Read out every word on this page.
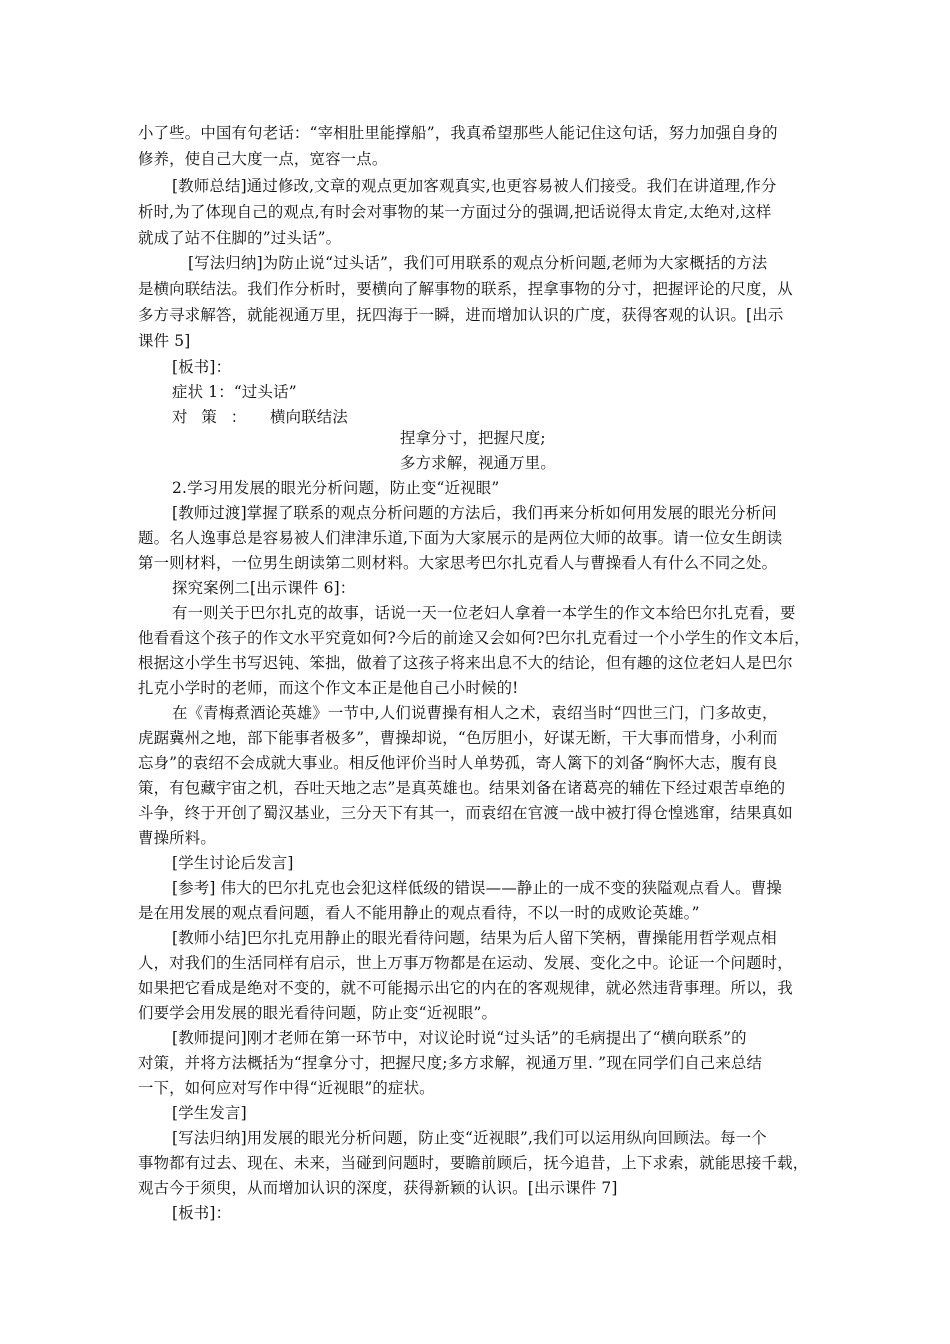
小了些。中国有句老话：“宰相肚里能撑船”，我真希望那些人能记住这句话，努力加强自身的
修养，使自己大度一点，宽容一点。
[教师总结]通过修改,文章的观点更加客观真实,也更容易被人们接受。我们在讲道理,作分
析时,为了体现自己的观点,有时会对事物的某一方面过分的强调,把话说得太肯定,太绝对,这样
就成了站不住脚的”过头话”。
[写法归纳]为防止说“过头话”，我们可用联系的观点分析问题,老师为大家概括的方法
是横向联结法。我们作分析时，要横向了解事物的联系，捏拿事物的分寸，把握评论的尺度，从
多方寻求解答，就能视通万里，抚四海于一瞬，进而增加认识的广度，获得客观的认识。[出示
课件 5]
[板书]：
症状 1：“过头话”
对策： 横向联结法
捏拿分寸，把握尺度;
多方求解，视通万里。
2.学习用发展的眼光分析问题，防止变“近视眼”
[教师过渡]掌握了联系的观点分析问题的方法后，我们再来分析如何用发展的眼光分析问
题。名人逸事总是容易被人们津津乐道,下面为大家展示的是两位大师的故事。请一位女生朗读
第一则材料，一位男生朗读第二则材料。大家思考巴尔扎克看人与曹操看人有什么不同之处。
探究案例二[出示课件 6]：
有一则关于巴尔扎克的故事，话说一天一位老妇人拿着一本学生的作文本给巴尔扎克看，要
他看看这个孩子的作文水平究竟如何?今后的前途又会如何?巴尔扎克看过一个小学生的作文本后，
根据这小学生书写迟钝、笨拙，做着了这孩子将来出息不大的结论，但有趣的这位老妇人是巴尔
扎克小学时的老师，而这个作文本正是他自己小时候的!
在《青梅煮酒论英雄》一节中,人们说曹操有相人之术，袁绍当时“四世三门，门多故吏，
虎踞冀州之地，部下能事者极多”，曹操却说，“色厉胆小，好谋无断，干大事而惜身，小利而
忘身”的袁绍不会成就大事业。相反他评价当时人单势孤，寄人篱下的刘备“胸怀大志，腹有良
策，有包藏宇宙之机，吞吐天地之志”是真英雄也。结果刘备在诸葛亮的辅佐下经过艰苦卓绝的
斗争，终于开创了蜀汉基业，三分天下有其一，而袁绍在官渡一战中被打得仓惶逃窜，结果真如
曹操所料。
[学生讨论后发言]
[参考] 伟大的巴尔扎克也会犯这样低级的错误——静止的一成不变的狭隘观点看人。曹操
是在用发展的观点看问题，看人不能用静止的观点看待，不以一时的成败论英雄。”
[教师小结]巴尔扎克用静止的眼光看待问题，结果为后人留下笑柄，曹操能用哲学观点相
人，对我们的生活同样有启示，世上万事万物都是在运动、发展、变化之中。论证一个问题时，
如果把它看成是绝对不变的，就不可能揭示出它的内在的客观规律，就必然违背事理。所以，我
们要学会用发展的眼光看待问题，防止变“近视眼”。
[教师提问]刚才老师在第一环节中，对议论时说“过头话”的毛病提出了“横向联系”的
对策，并将方法概括为“捏拿分寸，把握尺度;多方求解，视通万里. ”现在同学们自己来总结
一下，如何应对写作中得“近视眼”的症状。
[学生发言]
[写法归纳]用发展的眼光分析问题，防止变“近视眼”,我们可以运用纵向回顾法。每一个
事物都有过去、现在、未来，当碰到问题时，要瞻前顾后，抚今追昔，上下求索，就能思接千载，
观古今于须臾，从而增加认识的深度，获得新颖的认识。[出示课件 7]
[板书]：
